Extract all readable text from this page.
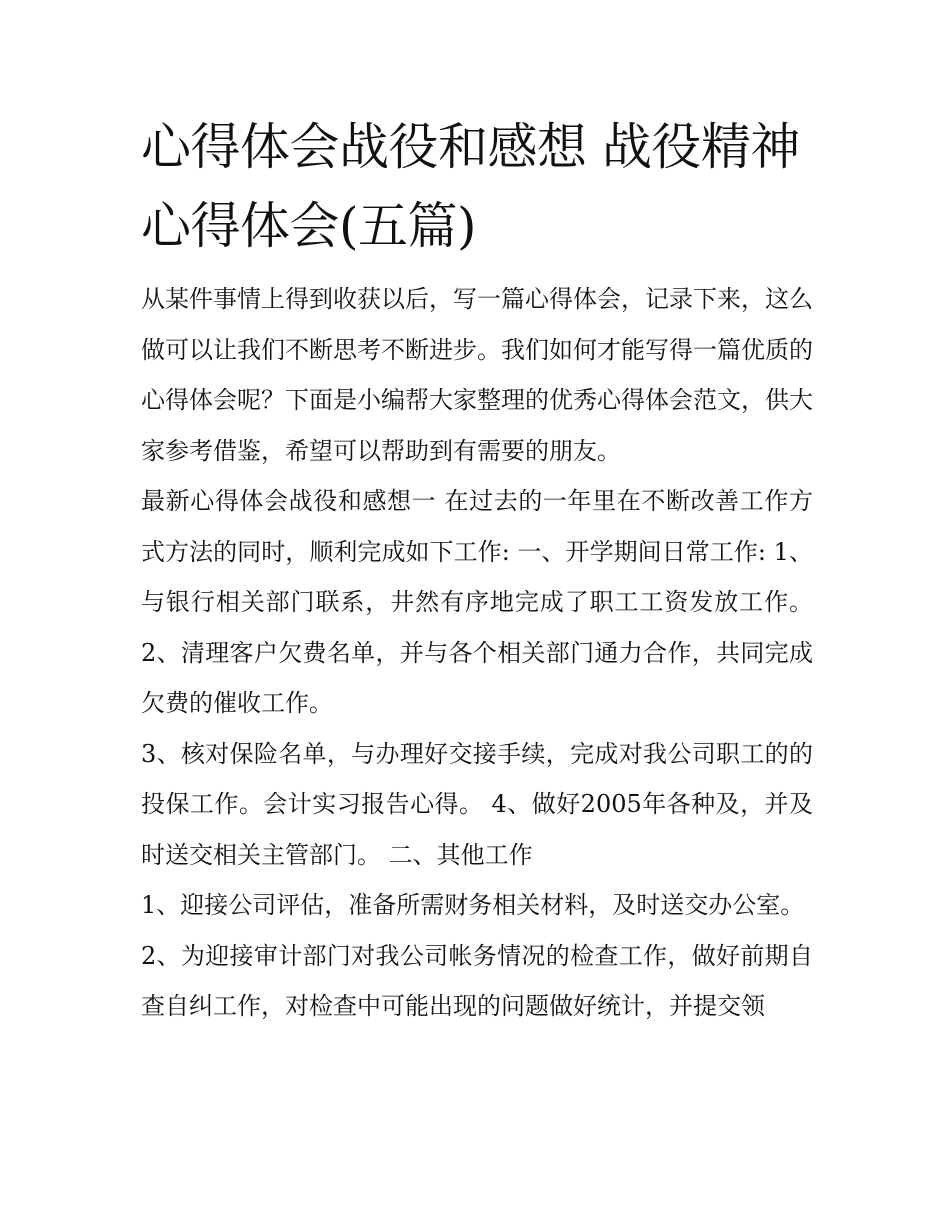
心得体会战役和感想 战役精神心得体会(五篇)

从某件事情上得到收获以后，写一篇心得体会，记录下来，这么做可以让我们不断思考不断进步。我们如何才能写得一篇优质的心得体会呢？下面是小编帮大家整理的优秀心得体会范文，供大家参考借鉴，希望可以帮助到有需要的朋友。

最新心得体会战役和感想一 在过去的一年里在不断改善工作方式方法的同时，顺利完成如下工作: 一、开学期间日常工作: 1、与银行相关部门联系，井然有序地完成了职工工资发放工作。 2、清理客户欠费名单，并与各个相关部门通力合作，共同完成欠费的催收工作。

3、核对保险名单，与办理好交接手续，完成对我公司职工的的投保工作。会计实习报告心得。 4、做好2005年各种及，并及时送交相关主管部门。 二、其他工作

1、迎接公司评估，准备所需财务相关材料，及时送交办公室。

2、为迎接审计部门对我公司帐务情况的检查工作，做好前期自查自纠工作，对检查中可能出现的问题做好统计，并提交领
